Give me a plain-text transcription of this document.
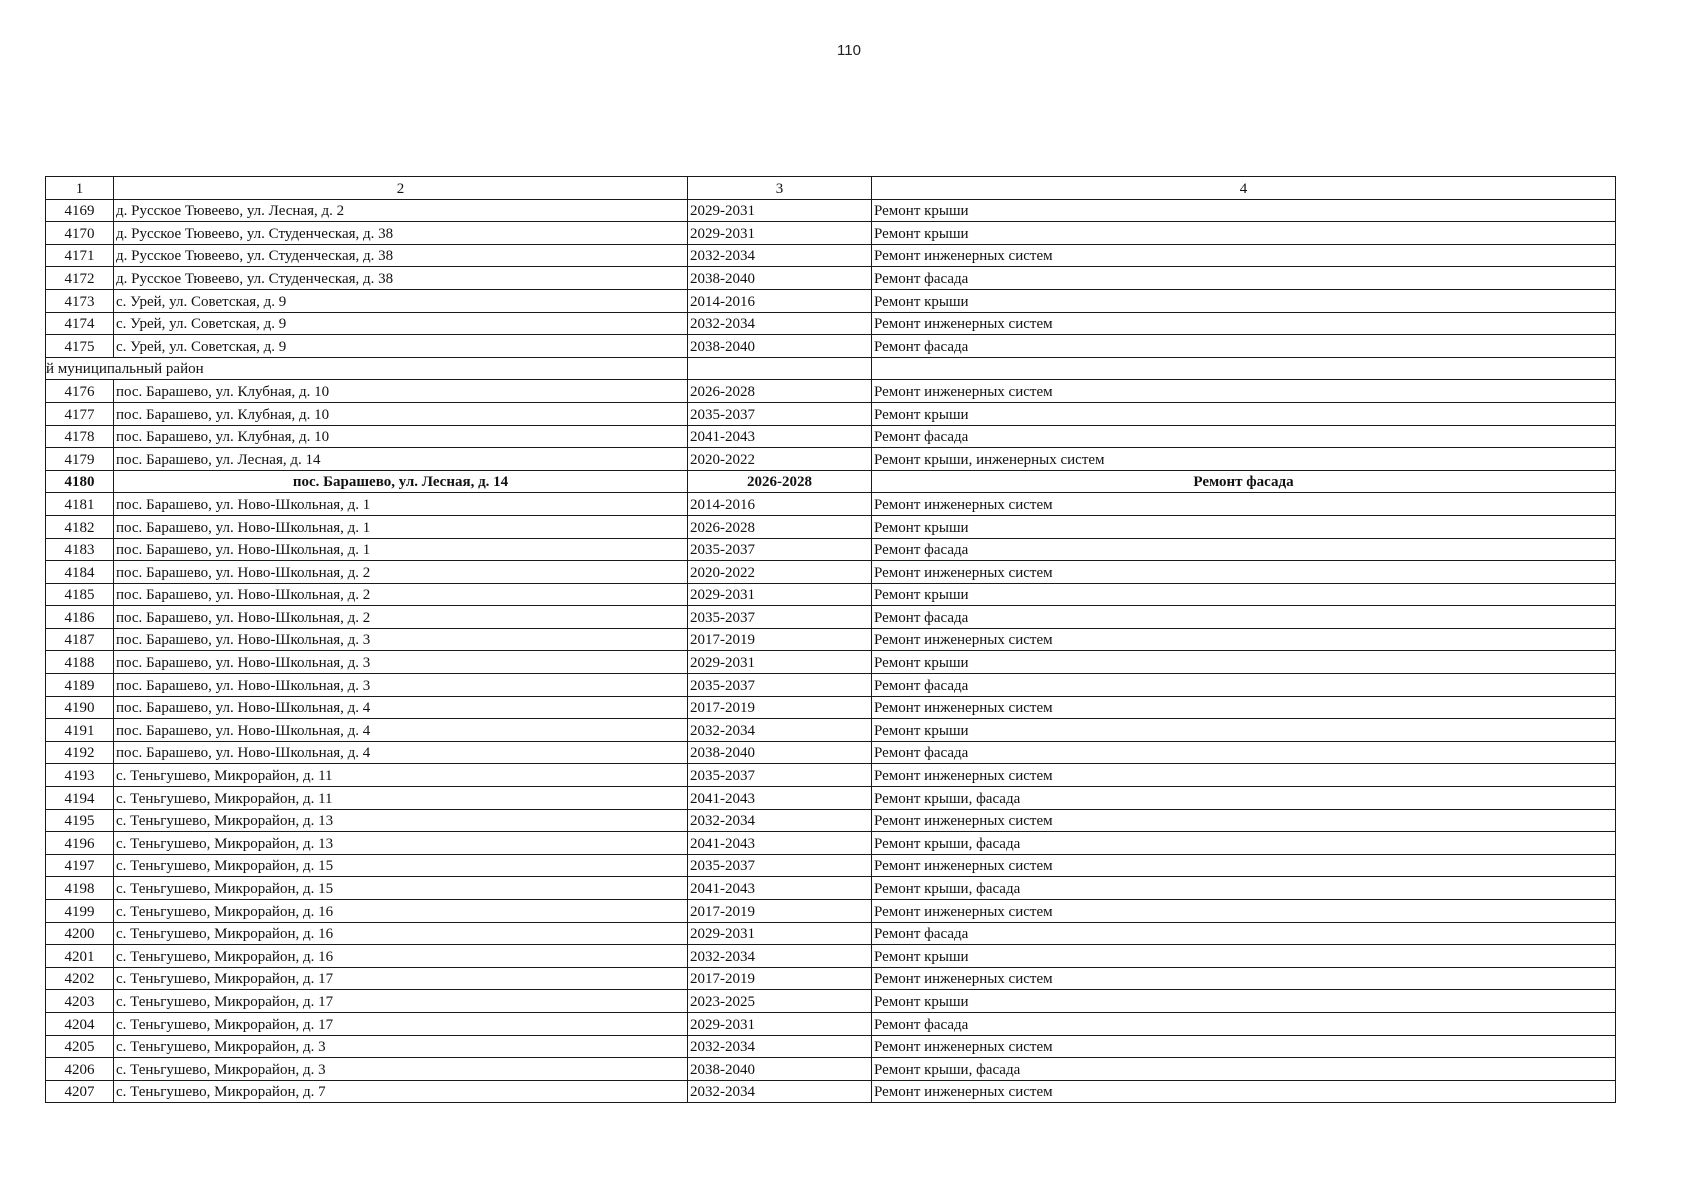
110
1	2	3	4
4169	д. Русское Тювеево, ул. Лесная, д. 2	2029-2031	Ремонт крыши
4170	д. Русское Тювеево, ул. Студенческая, д. 38	2029-2031	Ремонт крыши
4171	д. Русское Тювеево, ул. Студенческая, д. 38	2032-2034	Ремонт инженерных систем
4172	д. Русское Тювеево, ул. Студенческая, д. 38	2038-2040	Ремонт фасада
4173	с. Урей, ул. Советская, д. 9	2014-2016	Ремонт крыши
4174	с. Урей, ул. Советская, д. 9	2032-2034	Ремонт инженерных систем
4175	с. Урей, ул. Советская, д. 9	2038-2040	Ремонт фасада
й муниципальный район			
4176	пос. Барашево, ул. Клубная, д. 10	2026-2028	Ремонт инженерных систем
4177	пос. Барашево, ул. Клубная, д. 10	2035-2037	Ремонт крыши
4178	пос. Барашево, ул. Клубная, д. 10	2041-2043	Ремонт фасада
4179	пос. Барашево, ул. Лесная, д. 14	2020-2022	Ремонт крыши, инженерных систем
4180	пос. Барашево, ул. Лесная, д. 14	2026-2028	Ремонт фасада
4181	пос. Барашево, ул. Ново-Школьная, д. 1	2014-2016	Ремонт инженерных систем
4182	пос. Барашево, ул. Ново-Школьная, д. 1	2026-2028	Ремонт крыши
4183	пос. Барашево, ул. Ново-Школьная, д. 1	2035-2037	Ремонт фасада
4184	пос. Барашево, ул. Ново-Школьная, д. 2	2020-2022	Ремонт инженерных систем
4185	пос. Барашево, ул. Ново-Школьная, д. 2	2029-2031	Ремонт крыши
4186	пос. Барашево, ул. Ново-Школьная, д. 2	2035-2037	Ремонт фасада
4187	пос. Барашево, ул. Ново-Школьная, д. 3	2017-2019	Ремонт инженерных систем
4188	пос. Барашево, ул. Ново-Школьная, д. 3	2029-2031	Ремонт крыши
4189	пос. Барашево, ул. Ново-Школьная, д. 3	2035-2037	Ремонт фасада
4190	пос. Барашево, ул. Ново-Школьная, д. 4	2017-2019	Ремонт инженерных систем
4191	пос. Барашево, ул. Ново-Школьная, д. 4	2032-2034	Ремонт крыши
4192	пос. Барашево, ул. Ново-Школьная, д. 4	2038-2040	Ремонт фасада
4193	с. Теньгушево, Микрорайон, д. 11	2035-2037	Ремонт инженерных систем
4194	с. Теньгушево, Микрорайон, д. 11	2041-2043	Ремонт крыши, фасада
4195	с. Теньгушево, Микрорайон, д. 13	2032-2034	Ремонт инженерных систем
4196	с. Теньгушево, Микрорайон, д. 13	2041-2043	Ремонт крыши, фасада
4197	с. Теньгушево, Микрорайон, д. 15	2035-2037	Ремонт инженерных систем
4198	с. Теньгушево, Микрорайон, д. 15	2041-2043	Ремонт крыши, фасада
4199	с. Теньгушево, Микрорайон, д. 16	2017-2019	Ремонт инженерных систем
4200	с. Теньгушево, Микрорайон, д. 16	2029-2031	Ремонт фасада
4201	с. Теньгушево, Микрорайон, д. 16	2032-2034	Ремонт крыши
4202	с. Теньгушево, Микрорайон, д. 17	2017-2019	Ремонт инженерных систем
4203	с. Теньгушево, Микрорайон, д. 17	2023-2025	Ремонт крыши
4204	с. Теньгушево, Микрорайон, д. 17	2029-2031	Ремонт фасада
4205	с. Теньгушево, Микрорайон, д. 3	2032-2034	Ремонт инженерных систем
4206	с. Теньгушево, Микрорайон, д. 3	2038-2040	Ремонт крыши, фасада
4207	с. Теньгушево, Микрорайон, д. 7	2032-2034	Ремонт инженерных систем
